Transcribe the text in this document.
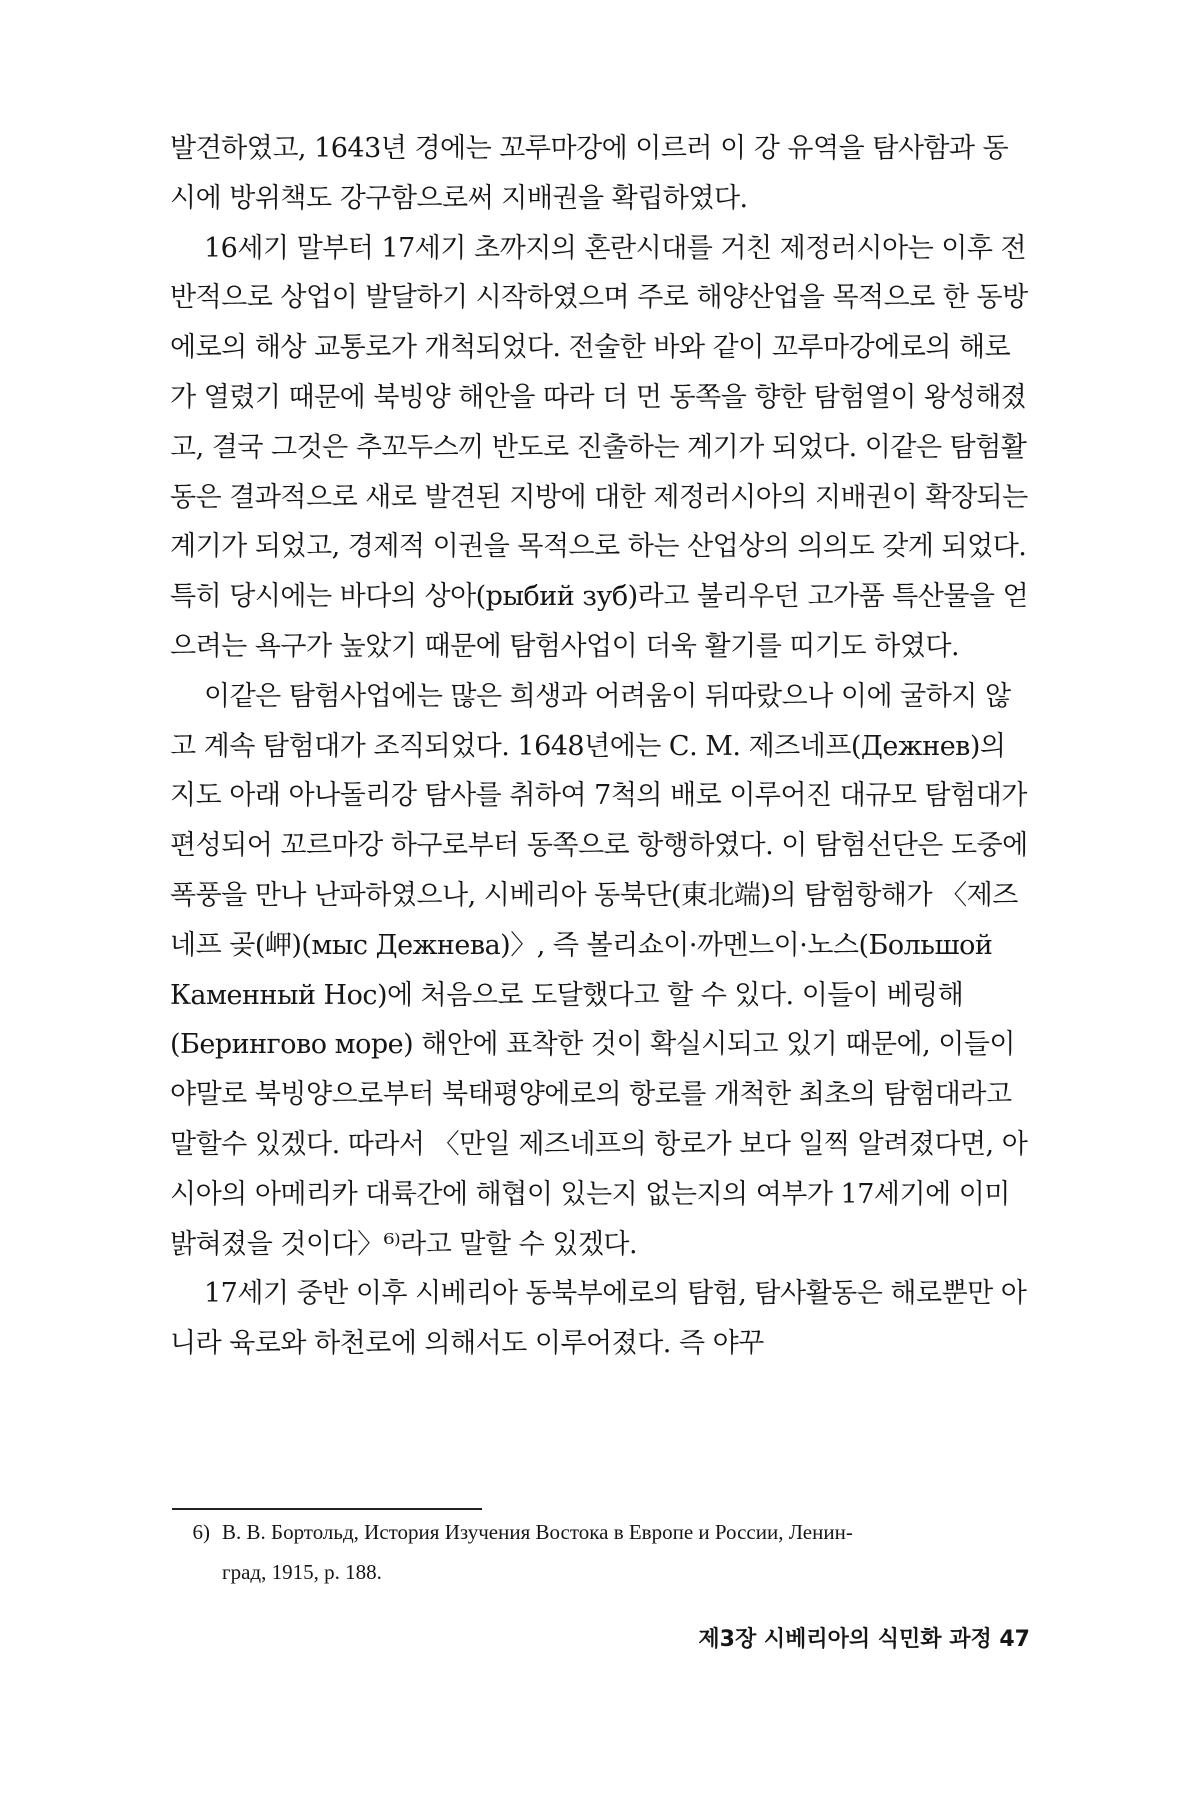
발견하였고, 1643년 경에는 꼬루마강에 이르러 이 강 유역을 탐사함과 동시에 방위책도 강구함으로써 지배권을 확립하였다.

16세기 말부터 17세기 초까지의 혼란시대를 거친 제정러시아는 이후 전반적으로 상업이 발달하기 시작하였으며 주로 해양산업을 목적으로 한 동방에로의 해상 교통로가 개척되었다. 전술한 바와 같이 꼬루마강에로의 해로가 열렸기 때문에 북빙양 해안을 따라 더 먼 동쪽을 향한 탐험열이 왕성해졌고, 결국 그것은 추꼬두스끼 반도로 진출하는 계기가 되었다. 이같은 탐험활동은 결과적으로 새로 발견된 지방에 대한 제정러시아의 지배권이 확장되는 계기가 되었고, 경제적 이권을 목적으로 하는 산업상의 의의도 갖게 되었다. 특히 당시에는 바다의 상아(рыбий зуб)라고 불리우던 고가품 특산물을 얻으려는 욕구가 높았기 때문에 탐험사업이 더욱 활기를 띠기도 하였다.

이같은 탐험사업에는 많은 희생과 어려움이 뒤따랐으나 이에 굴하지 않고 계속 탐험대가 조직되었다. 1648년에는 С. М. 제즈네프(Дежнев)의 지도 아래 아나돌리강 탐사를 취하여 7척의 배로 이루어진 대규모 탐험대가 편성되어 꼬르마강 하구로부터 동쪽으로 항행하였다. 이 탐험선단은 도중에 폭풍을 만나 난파하였으나, 시베리아 동북단(東北端)의 탐험항해가 〈제즈네프 곶(岬)(мыс Дежнева)〉, 즉 볼리쇼이·까멘느이·노스(Большой Каменный Нос)에 처음으로 도달했다고 할 수 있다. 이들이 베링해(Берингово море) 해안에 표착한 것이 확실시되고 있기 때문에, 이들이야말로 북빙양으로부터 북태평양에로의 항로를 개척한 최초의 탐험대라고 말할수 있겠다. 따라서 〈만일 제즈네프의 항로가 보다 일찍 알려졌다면, 아시아의 아메리카 대륙간에 해협이 있는지 없는지의 여부가 17세기에 이미 밝혀졌을 것이다〉⁶⁾라고 말할 수 있겠다.

17세기 중반 이후 시베리아 동북부에로의 탐험, 탐사활동은 해로뿐만 아니라 육로와 하천로에 의해서도 이루어졌다. 즉 야꾸

6) В. В. Бортольд, История Изучения Востока в Европе и России, Ленин-
град, 1915, p. 188.
제3장 시베리아의 식민화 과정 47
